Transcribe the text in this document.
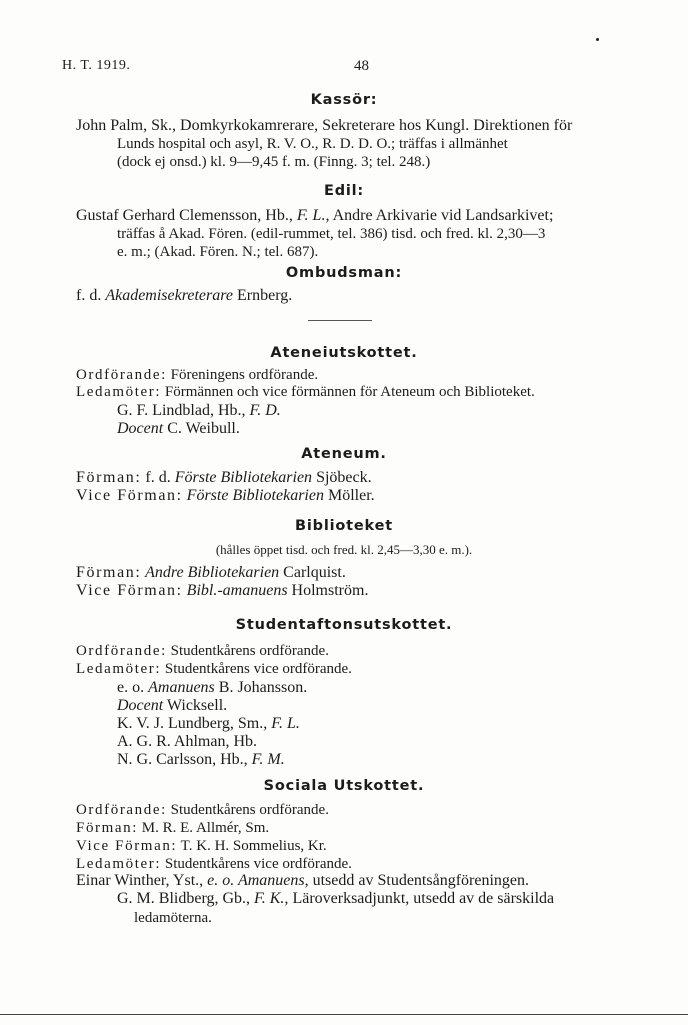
H. T. 1919.	48
Kassör:
John Palm, Sk., Domkyrkokamrerare, Sekreterare hos Kungl. Direktionen för
Lunds hospital och asyl, R. V. O., R. D. D. O.; träffas i allmänhet
(dock ej onsd.) kl. 9—9,45 f. m. (Finng. 3; tel. 248.)
Edil:
Gustaf Gerhard Clemensson, Hb., F. L., Andre Arkivarie vid Landsarkivet;
träffas å Akad. Fören. (edil-rummet, tel. 386) tisd. och fred. kl. 2,30—3
e. m.; (Akad. Fören. N.; tel. 687).
Ombudsman:
f. d. Akademisekreterare Ernberg.
Ateneiutskottet.
Ordförande: Föreningens ordförande.
Ledamöter: Förmännen och vice förmännen för Ateneum och Biblioteket.
G. F. Lindblad, Hb., F. D.
Docent C. Weibull.
Ateneum.
Förman: f. d. Förste Bibliotekarien Sjöbeck.
Vice Förman: Förste Bibliotekarien Möller.
Biblioteket
(hålles öppet tisd. och fred. kl. 2,45—3,30 e. m.).
Förman: Andre Bibliotekarien Carlquist.
Vice Förman: Bibl.-amanuens Holmström.
Studentaftonsutskottet.
Ordförande: Studentkårens ordförande.
Ledamöter: Studentkårens vice ordförande.
e. o. Amanuens B. Johansson.
Docent Wicksell.
K. V. J. Lundberg, Sm., F. L.
A. G. R. Ahlman, Hb.
N. G. Carlsson, Hb., F. M.
Sociala Utskottet.
Ordförande: Studentkårens ordförande.
Förman: M. R. E. Allmér, Sm.
Vice Förman: T. K. H. Sommelius, Kr.
Ledamöter: Studentkårens vice ordförande.
Einar Winther, Yst., e. o. Amanuens, utsedd av Studentsångföreningen.
G. M. Blidberg, Gb., F. K., Läroverksadjunkt, utsedd av de särskilda
ledamöterna.
